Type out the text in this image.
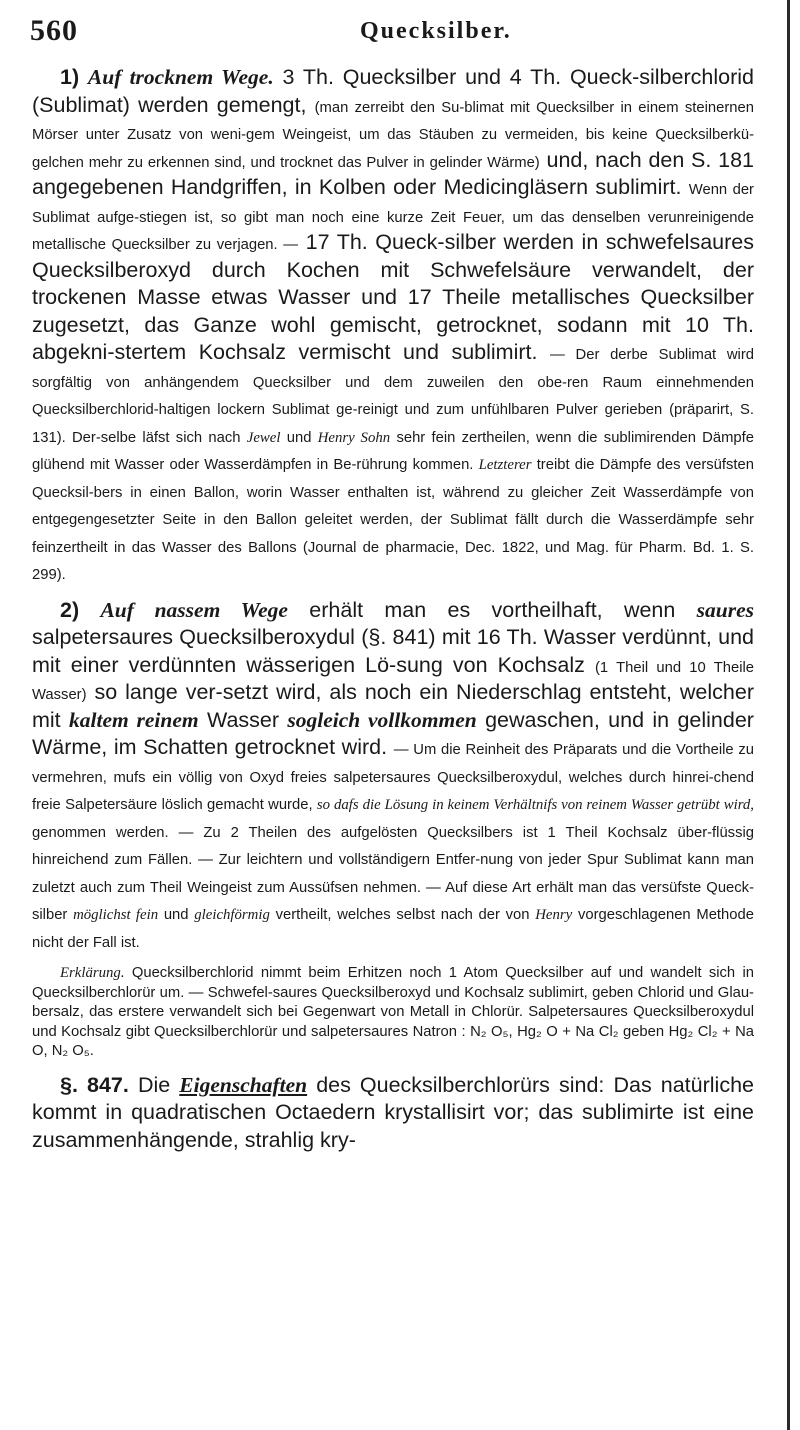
560	Quecksilber.

1) Auf trocknem Wege. 3 Th. Quecksilber und 4 Th. Queck-silberchlorid (Sublimat) werden gemengt, (man zerreibt den Su-blimat mit Quecksilber in einem steinernen Mörser unter Zusatz von weni-gem Weingeist, um das Stäuben zu vermeiden, bis keine Quecksilberkü-gelchen mehr zu erkennen sind, und trocknet das Pulver in gelinder Wärme) und, nach den S. 181 angegebenen Handgriffen, in Kolben oder Medicingläsern sublimirt. Wenn der Sublimat aufge-stiegen ist, so gibt man noch eine kurze Zeit Feuer, um das denselben verunreinigende metallische Quecksilber zu verjagen. — 17 Th. Queck-silber werden in schwefelsaures Quecksilberoxyd durch Kochen mit Schwefelsäure verwandelt, der trockenen Masse etwas Wasser und 17 Theile metallisches Quecksilber zugesetzt, das Ganze wohl gemischt, getrocknet, sodann mit 10 Th. abgekni-stertem Kochsalz vermischt und sublimirt. — Der derbe Sublimat wird sorgfältig von anhängendem Quecksilber und dem zuweilen den obe-ren Raum einnehmenden Quecksilberchlorid-haltigen lockern Sublimat ge-reinigt und zum unfühlbaren Pulver gerieben (präparirt, S. 131). Der-selbe läfst sich nach Jewel und Henry Sohn sehr fein zertheilen, wenn die sublimirenden Dämpfe glühend mit Wasser oder Wasserdämpfen in Be-rührung kommen. Letzterer treibt die Dämpfe des versüfsten Quecksil-bers in einen Ballon, worin Wasser enthalten ist, während zu gleicher Zeit Wasserdämpfe von entgegengesetzter Seite in den Ballon geleitet werden, der Sublimat fällt durch die Wasserdämpfe sehr feinzertheilt in das Wasser des Ballons (Journal de pharmacie, Dec. 1822, und Mag. für Pharm. Bd. 1. S. 299).

2) Auf nassem Wege erhält man es vortheilhaft, wenn saures salpetersaures Quecksilberoxydul (§. 841) mit 16 Th. Wasser verdünnt, und mit einer verdünnten wässerigen Lö-sung von Kochsalz (1 Theil und 10 Theile Wasser) so lange ver-setzt wird, als noch ein Niederschlag entsteht, welcher mit kaltem reinem Wasser sogleich vollkommen gewaschen, und in gelinder Wärme, im Schatten getrocknet wird. — Um die Reinheit des Präparats und die Vortheile zu vermehren, mufs ein völlig von Oxyd freies salpetersaures Quecksilberoxydul, welches durch hinrei-chend freie Salpetersäure löslich gemacht wurde, so dafs die Lösung in keinem Verhältnifs von reinem Wasser getrübt wird, genommen werden. — Zu 2 Theilen des aufgelösten Quecksilbers ist 1 Theil Kochsalz über-flüssig hinreichend zum Fällen. — Zur leichtern und vollständigern Entfer-nung von jeder Spur Sublimat kann man zuletzt auch zum Theil Weingeist zum Aussüfsen nehmen. — Auf diese Art erhält man das versüfste Queck-silber möglichst fein und gleichförmig vertheilt, welches selbst nach der von Henry vorgeschlagenen Methode nicht der Fall ist.

Erklärung. Quecksilberchlorid nimmt beim Erhitzen noch 1 Atom Quecksilber auf und wandelt sich in Quecksilberchlorür um. — Schwefel-saures Quecksilberoxyd und Kochsalz sublimirt, geben Chlorid und Glau-bersalz, das erstere verwandelt sich bei Gegenwart von Metall in Chlorür. Salpetersaures Quecksilberoxydul und Kochsalz gibt Quecksilberchlorür und salpetersaures Natron : N₂ O₅, Hg₂ O + Na Cl₂ geben Hg₂ Cl₂ + Na O, N₂ O₅.

§. 847. Die Eigenschaften des Quecksilberchlorürs sind: Das natürliche kommt in quadratischen Octaedern krystallisirt vor; das sublimirte ist eine zusammenhängende, strahlig kry-
